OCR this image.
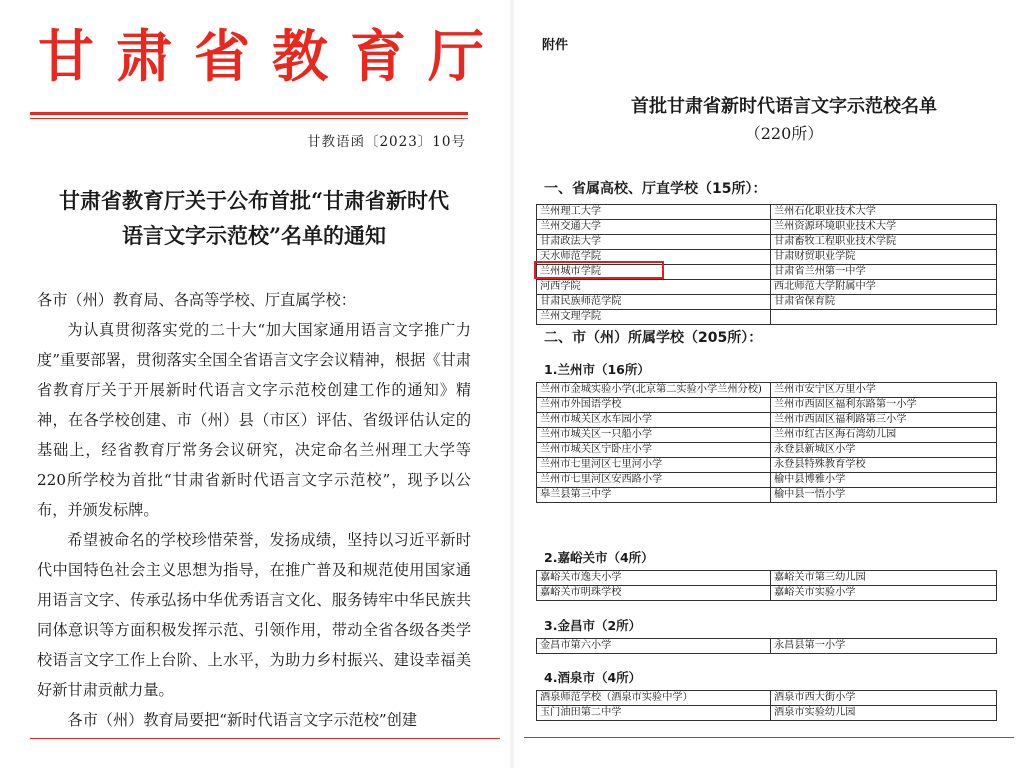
甘肃省教育厅
甘教语函〔2023〕10号
甘肃省教育厅关于公布首批“甘肃省新时代
语言文字示范校”名单的通知

各市（州）教育局、各高等学校、厅直属学校：

为认真贯彻落实党的二十大“加大国家通用语言文字推广力度”重要部署，贯彻落实全国全省语言文字会议精神，根据《甘肃省教育厅关于开展新时代语言文字示范校创建工作的通知》精神，在各学校创建、市（州）县（市区）评估、省级评估认定的基础上，经省教育厅常务会议研究，决定命名兰州理工大学等220所学校为首批“甘肃省新时代语言文字示范校”，现予以公布，并颁发标牌。

希望被命名的学校珍惜荣誉，发扬成绩，坚持以习近平新时代中国特色社会主义思想为指导，在推广普及和规范使用国家通用语言文字、传承弘扬中华优秀语言文化、服务铸牢中华民族共同体意识等方面积极发挥示范、引领作用，带动全省各级各类学校语言文字工作上台阶、上水平，为助力乡村振兴、建设幸福美好新甘肃贡献力量。

各市（州）教育局要把“新时代语言文字示范校”创建

附件
首批甘肃省新时代语言文字示范校名单
（220所）
一、省属高校、厅直学校（15所）：
兰州理工大学	兰州石化职业技术大学
兰州交通大学	兰州资源环境职业技术大学
甘肃政法大学	甘肃畜牧工程职业技术学院
天水师范学院	甘肃财贸职业学院
兰州城市学院	甘肃省兰州第一中学
河西学院	西北师范大学附属中学
甘肃民族师范学院	甘肃省保育院
兰州文理学院	
二、市（州）所属学校（205所）：
1.兰州市（16所）
兰州市金城实验小学(北京第二实验小学兰州分校)	兰州市安宁区万里小学
兰州市外国语学校	兰州市西固区福利东路第一小学
兰州市城关区水车园小学	兰州市西固区福利路第三小学
兰州市城关区一只船小学	兰州市红古区海石湾幼儿园
兰州市城关区宁卧庄小学	永登县新城区小学
兰州市七里河区七里河小学	永登县特殊教育学校
兰州市七里河区安西路小学	榆中县博雅小学
皋兰县第三中学	榆中县一悟小学
2.嘉峪关市（4所）
嘉峪关市逸夫小学	嘉峪关市第三幼儿园
嘉峪关市明珠学校	嘉峪关市实验小学
3.金昌市（2所）
金昌市第六小学	永昌县第一小学
4.酒泉市（4所）
酒泉师范学校（酒泉市实验中学）	酒泉市西大街小学
玉门油田第二中学	酒泉市实验幼儿园
